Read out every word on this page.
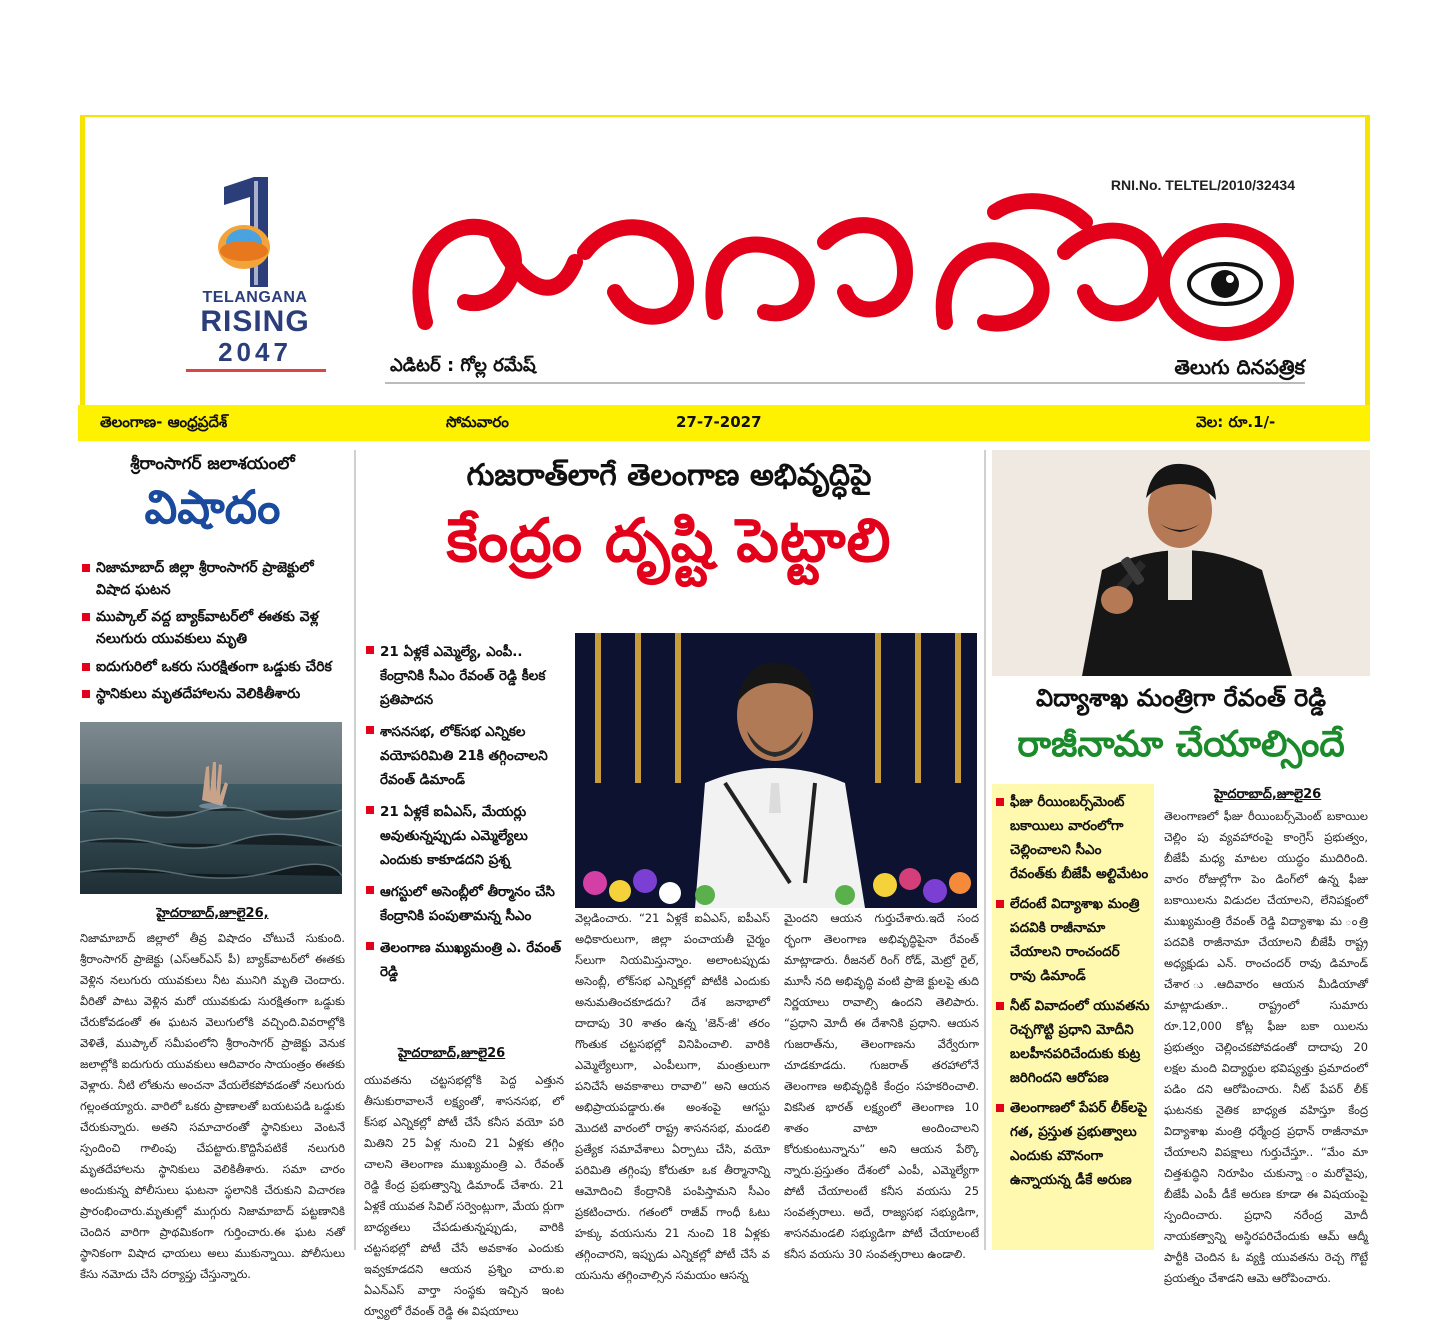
TELANGANA
RISING
2047
RNI.No. TELTEL/2010/32434
అన్వేషనేత్రం
ఎడిటర్ : గోల్ల రమేష్	తెలుగు దినపత్రిక
తెలంగాణ- ఆంధ్రప్రదేశ్	సోమవారం	27-7-2027	వెల: రూ.1/-
శ్రీరాంసాగర్ జలాశయంలో
విషాదం
నిజామాబాద్ జిల్లా శ్రీరాంసాగర్ ప్రాజెక్టులో విషాద ఘటన
ముప్కాల్ వద్ద బ్యాక్‌వాటర్‌లో ఈతకు వెళ్ల నలుగురు యువకులు మృతి
ఐదుగురిలో ఒకరు సురక్షితంగా ఒడ్డుకు చేరిక
స్థానికులు మృతదేహాలను వెలికితీశారు
హైదరాబాద్,జూలై26,

నిజామాబాద్ జిల్లాలో తీవ్ర విషాదం చోటుచే సుకుంది. శ్రీరాంసాగర్ ప్రాజెక్టు (ఎస్ఆర్ఎస్ పీ) బ్యాక్‌వాటర్‌లో ఈతకు వెళ్లిన నలుగురు యువకులు నీట మునిగి మృతి చెందారు. వీరితో పాటు వెళ్లిన మరో యువకుడు సురక్షితంగా ఒడ్డుకు చేరుకోవడంతో ఈ ఘటన వెలుగులోకి వచ్చింది.వివరాల్లోకి వెళితే, ముప్కాల్ సమీపంలోని శ్రీరాంసాగర్ ప్రాజెక్టు వెనుక జలాల్లోకి ఐదుగురు యువకులు ఆదివారం సాయంత్రం ఈతకు వెళ్లారు. నీటి లోతును అంచనా వేయలేకపోవడంతో నలుగురు గల్లంతయ్యారు. వారిలో ఒకరు ప్రాణాలతో బయటపడి ఒడ్డుకు చేరుకున్నారు. అతని సమాచారంతో స్థానికులు వెంటనే స్పందించి గాలింపు చేపట్టారు.కొద్దిసేపటికే నలుగురి మృతదేహాలను స్థానికులు వెలికితీశారు. సమా చారం అందుకున్న పోలీసులు ఘటనా స్థలానికి చేరుకుని విచారణ ప్రారంభించారు.మృతుల్లో ముగ్గురు నిజామాబాద్ పట్టణానికి చెందిన వారిగా ప్రాథమికంగా గుర్తించారు.ఈ ఘట నతో స్థానికంగా విషాద ఛాయలు అలు ముకున్నాయి. పోలీసులు కేసు నమోదు చేసి దర్యాప్తు చేస్తున్నారు.

గుజరాత్‌లాగే తెలంగాణ అభివృద్ధిపై
కేంద్రం దృష్టి పెట్టాలి
21 ఏళ్లకే ఎమ్మెల్యే, ఎంపీ.. కేంద్రానికి సీఎం రేవంత్ రెడ్డి కీలక ప్రతిపాదన
శాసనసభ, లోక్‌సభ ఎన్నికల వయోపరిమితి 21కి తగ్గించాలని రేవంత్ డిమాండ్
21 ఏళ్లకే ఐఏఎస్, మేయర్లు అవుతున్నప్పుడు ఎమ్మెల్యేలు ఎందుకు కాకూడదని ప్రశ్న
ఆగస్టులో అసెంబ్లీలో తీర్మానం చేసి కేంద్రానికి పంపుతామన్న సీఎం
తెలంగాణ ముఖ్యమంత్రి ఎ. రేవంత్ రెడ్డి
హైదరాబాద్,జూలై26

యువతను చట్టసభల్లోకి పెద్ద ఎత్తున తీసుకురావాలనే లక్ష్యంతో, శాసనసభ, లో క్‌సభ ఎన్నికల్లో పోటీ చేసే కనీస వయో పరి మితిని 25 ఏళ్ల నుంచి 21 ఏళ్లకు తగ్గిం చాలని తెలంగాణ ముఖ్యమంత్రి ఎ. రేవంత్ రెడ్డి కేంద్ర ప్రభుత్వాన్ని డిమాండ్ చేశారు. 21 ఏళ్లకే యువత సివిల్ సర్వెంట్లుగా, మేయ ర్లుగా బాధ్యతలు చేపడుతున్నప్పుడు, వారికి చట్టసభల్లో పోటీ చేసే అవకాశం ఎందుకు ఇవ్వకూడదని ఆయన ప్రశ్నిం చారు.ఐ ఏఎన్ఎస్ వార్తా సంస్థకు ఇచ్చిన ఇంట ర్వ్యూలో రేవంత్ రెడ్డి ఈ విషయాలు

వెల్లడించారు. “21 ఏళ్లకే ఐఏఎస్, ఐపీఎస్ అధికారులుగా, జిల్లా పంచాయతీ చైర్మం స్‌లుగా నియమిస్తున్నాం. అలాంటప్పుడు అసెంబ్లీ, లోక్‌సభ ఎన్నికల్లో పోటీకి ఎందుకు అనుమతించకూడదు? దేశ జనాభాలో దాదాపు 30 శాతం ఉన్న 'జెన్-జీ' తరం గొంతుక చట్టసభల్లో వినిపించాలి. వారికి ఎమ్మెల్యేలుగా, ఎంపీలుగా, మంత్రులుగా పనిచేసే అవకాశాలు రావాలి” అని ఆయన అభిప్రాయపడ్డారు.ఈ అంశంపై ఆగస్టు మొదటి వారంలో రాష్ట్ర శాసనసభ, మండలి ప్రత్యేక సమావేశాలు ఏర్పాటు చేసి, వయో పరిమితి తగ్గింపు కోరుతూ ఒక తీర్మానాన్ని ఆమోదించి కేంద్రానికి పంపిస్తామని సీఎం ప్రకటించారు. గతంలో రాజీవ్ గాంధీ ఓటు హక్కు వయసును 21 నుంచి 18 ఏళ్లకు తగ్గించారని, ఇప్పుడు ఎన్నికల్లో పోటీ చేసే వ యసును తగ్గించాల్సిన సమయం ఆసన్న

మైందని ఆయన గుర్తుచేశారు.ఇదే సంద ర్భంగా తెలంగాణ అభివృద్ధిపైనా రేవంత్ మాట్లాడారు. రీజనల్ రింగ్ రోడ్, మెట్రో రైల్, మూసీ నది అభివృద్ధి వంటి ప్రాజె క్టులపై తుది నిర్ణయాలు రావాల్సి ఉందని తెలిపారు. “ప్రధాని మోదీ ఈ దేశానికి ప్రధాని. ఆయన గుజరాత్‌ను, తెలంగాణను వేర్వేరుగా చూడకూడదు. గుజరాత్ తరహాలోనే తెలంగాణ అభివృద్ధికి కేంద్రం సహకరించాలి. వికసిత భారత్ లక్ష్యంలో తెలంగాణ 10 శాతం వాటా అందించాలని కోరుకుంటున్నాను” అని ఆయన పేర్కొ న్నారు.ప్రస్తుతం దేశంలో ఎంపీ, ఎమ్మెల్యేగా పోటీ చేయాలంటే కనీస వయసు 25 సంవత్సరాలు. అదే, రాజ్యసభ సభ్యుడిగా, శాసనమండలి సభ్యుడిగా పోటీ చేయాలంటే కనీస వయసు 30 సంవత్సరాలు ఉండాలి.

విద్యాశాఖ మంత్రిగా రేవంత్ రెడ్డి
రాజీనామా చేయాల్సిందే
ఫీజు రీయింబర్స్‌మెంట్ బకాయిలు వారంలోగా చెల్లించాలని సీఎం రేవంత్‌కు బీజేపీ అల్టిమేటం
లేదంటే విద్యాశాఖ మంత్రి పదవికి రాజీనామా చేయాలని రాంచందర్ రావు డిమాండ్
నీట్ వివాదంలో యువతను రెచ్చగొట్టి ప్రధాని మోదీని బలహీనపరిచేందుకు కుట్ర జరిగిందని ఆరోపణ
తెలంగాణలో పేపర్ లీక్‌లపై గత, ప్రస్తుత ప్రభుత్వాలు ఎందుకు మౌనంగా ఉన్నాయన్న డీకే అరుణ
హైదరాబాద్,జూలై26

తెలంగాణలో ఫీజు రీయింబర్స్‌మెంట్ బకాయిల చెల్లిం పు వ్యవహారంపై కాంగ్రెస్ ప్రభుత్వం, బీజేపీ మధ్య మాటల యుద్ధం ముదిరింది. వారం రోజుల్లోగా పెం డింగ్‌లో ఉన్న ఫీజు బకాయిలను విడుదల చేయాలని, లేనిపక్షంలో ముఖ్యమంత్రి రేవంత్ రెడ్డి విద్యాశాఖ మ ంత్రి పదవికి రాజీనామా చేయాలని బీజేపీ రాష్ట్ర అధ్యక్షుడు ఎన్. రాంచందర్ రావు డిమాండ్ చేశార ు.ఆదివారం ఆయన మీడియాతో మాట్లాడుతూ.. రాష్ట్రంలో సుమారు రూ.12,000 కోట్ల ఫీజు బకా యిలను ప్రభుత్వం చెల్లించకపోవడంతో దాదాపు 20 లక్షల మంది విద్యార్థుల భవిష్యత్తు ప్రమాదంలో పడిం దని ఆరోపించారు. నీట్ పేపర్ లీక్ ఘటనకు నైతిక బాధ్యత వహిస్తూ కేంద్ర విద్యాశాఖ మంత్రి ధర్మేంద్ర ప్రధాన్ రాజీనామా చేయాలని విపక్షాలు గుర్తుచేస్తూ.. “మేం మా చిత్తశుద్ధిని నిరూపిం చుకున్నా ంమరోవైపు, బీజేపీ ఎంపీ డీకే అరుణ కూడా ఈ విషయంపై స్పందించారు. ప్రధాని నరేంద్ర మోదీ నాయకత్వాన్ని అస్థిరపరిచేందుకు ఆమ్ ఆద్మీ పార్టీకి చెందిన ఓ వ్యక్తి యువతను రెచ్చ గొట్టే ప్రయత్నం చేశాడని ఆమె ఆరోపించారు.
